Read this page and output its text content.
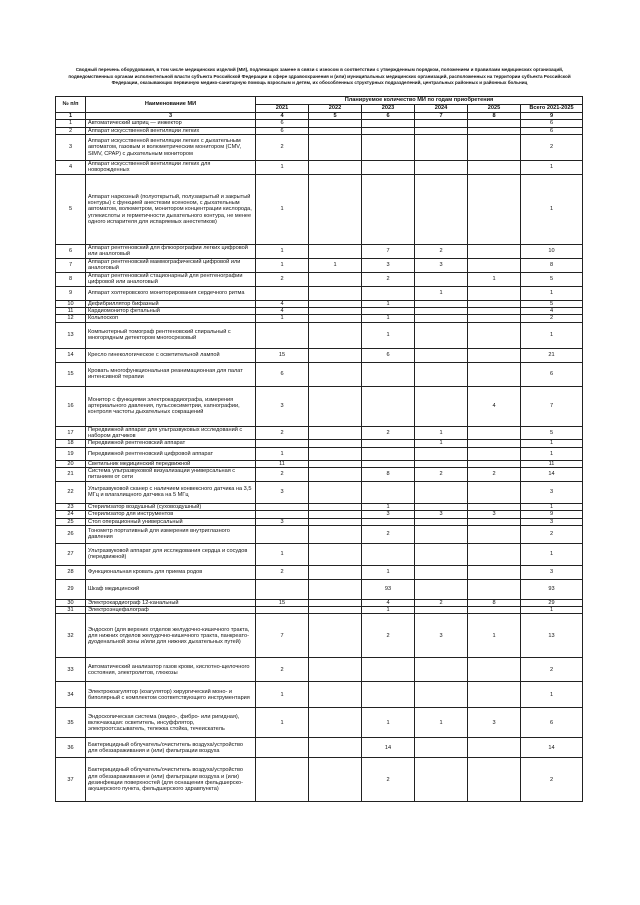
Сводный перечень оборудования, в том числе медицинских изделий (МИ), подлежащих замене в связи с износом в соответствии с утвержденным порядком, положением и правилами медицинских организаций, подведомственных органам исполнительной власти субъекта Российской Федерации в сфере здравоохранения и (или) муниципальных медицинских организаций, расположенных на территории субъекта Российской Федерации, оказывающих первичную медико-санитарную помощь взрослым и детям, их обособленных структурных подразделений, центральных районных и районных больниц
№ п/п	Наименование МИ	Планируемое количество МИ по годам приобретения					
		2021	2022	2023	2024	2025	Всего 2021-2025
1	3	4	5	6	7	8	9
1	Автоматический шприц — инжектор	6					6
2	Аппарат искусственной вентиляции легких	6					6
3	Аппарат искусственной вентиляции легких с дыхательным автоматом, газовым и волюметрическим монитором (CMV, SIMV, CPAP) с дыхательным монитором	2					2
4	Аппарат искусственной вентиляции легких для новорожденных	1					1
5	Аппарат наркозный (полуоткрытый, полузакрытый и закрытый контуры) с функцией анестезии ксеноном, с дыхательным автоматом, волюметром, монитором концентрации кислорода, углекислоты и герметичности дыхательного контура, не менее одного испарителя для испаряемых анестетиков)	1					1
6	Аппарат рентгеновский для флюорографии легких цифровой или аналоговый	1		7	2		10
7	Аппарат рентгеновский маммографический цифровой или аналоговый	1	1	3	3		8
8	Аппарат рентгеновский стационарный для рентгенографии цифровой или аналоговый	2		2		1	5
9	Аппарат холтеровского мониторирования сердечного ритма				1		1
10	Дефибриллятор бифазный	4		1			5
11	Кардиомонитор фетальный	4					4
12	Кольпоскоп	1		1			2
13	Компьютерный томограф рентгеновский спиральный с многорядным детектором многосрезовый			1			1
14	Кресло гинекологическое с осветительной лампой	15		6			21
15	Кровать многофункциональная реанимационная для палат интенсивной терапии	6					6
16	Монитор с функциями электрокардиографа, измерения артериального давления, пульсоксиметрии, капнографии, контроля частоты дыхательных сокращений	3				4	7
17	Передвижной аппарат для ультразвуковых исследований с набором датчиков	2		2	1		5
18	Передвижной рентгеновский аппарат				1		1
19	Передвижной рентгеновский цифровой аппарат	1					1
20	Светильник медицинский передвижной	11					11
21	Система ультразвуковой визуализации универсальная с питанием от сети	2		8	2	2	14
22	Ультразвуковой сканер с наличием конвексного датчика на 3,5 МГц и влагалищного датчика на 5 МГц	3					3
23	Стерилизатор воздушный (суховоздушный)			1			1
24	Стерилизатор для инструментов			3	3	3	9
25	Стол операционный универсальный	3					3
26	Тонометр портативный для измерения внутриглазного давления			2			2
27	Ультразвуковой аппарат для исследования сердца и сосудов (передвижной)	1					1
28	Функциональная кровать для приема родов	2		1			3
29	Шкаф медицинский			93			93
30	Электрокардиограф 12-канальный	15		4	2	8	29
31	Электроэнцефалограф			1			1
32	Эндоскоп (для верхних отделов желудочно-кишечного тракта, для нижних отделов желудочно-кишечного тракта, панкреато-дуоденальной зоны и/или для нижних дыхательных путей)	7		2	3	1	13
33	Автоматический анализатор газов крови, кислотно-щелочного состояния, электролитов, глюкозы	2					2
34	Электрокоагулятор (коагулятор) хирургический моно- и биполярный с комплектом соответствующего инструментария	1					1
35	Эндоскопическая система (видео-, фибро- или ригидная), включающая: осветитель, инсуффлятор, электроотсасыватель, тележка стойка, течеискатель	1		1	1	3	6
36	Бактерицидный облучатель/очиститель воздуха/устройство для обеззараживания и (или) фильтрации воздуха			14			14
37	Бактерицидный облучатель/очиститель воздуха/устройство для обеззараживания и (или) фильтрации воздуха и (или) дезинфекции поверхностей (для оснащения фельдшерско-акушерского пункта, фельдшерского здравпункта)			2			2
